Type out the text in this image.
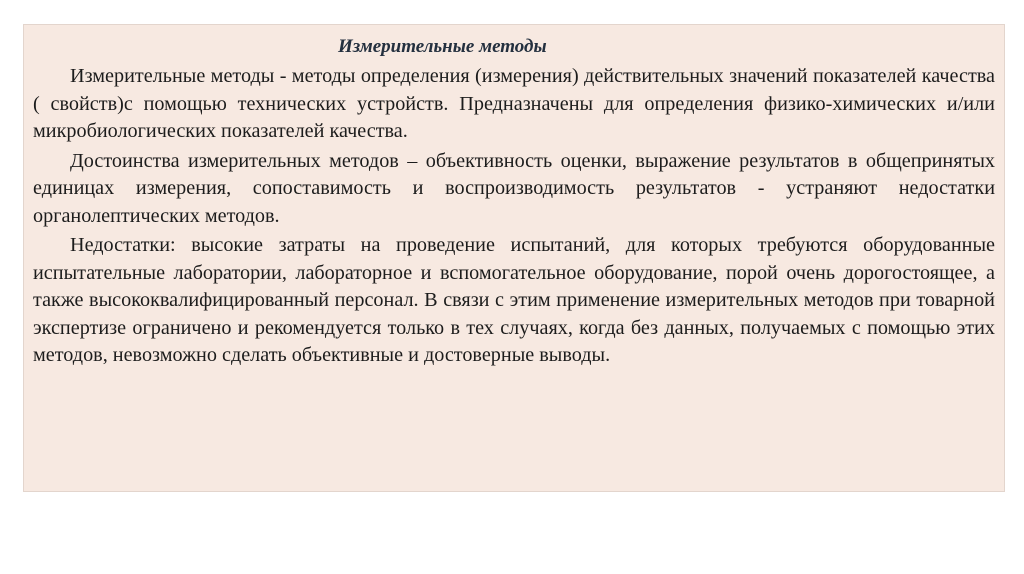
Измерительные методы

Измерительные методы - методы определения (измерения) действительных значений показателей качества ( свойств)с помощью технических устройств. Предназначены для определения физико-химических и/или микробиологических показателей качества.

Достоинства измерительных методов – объективность оценки, выражение результатов в общепринятых единицах измерения, сопоставимость и воспроизводимость результатов - устраняют недостатки органолептических методов.

Недостатки: высокие затраты на проведение испытаний, для которых требуются оборудованные испытательные лаборатории, лабораторное и вспомогательное оборудование, порой очень дорогостоящее, а также высококвалифицированный персонал. В связи с этим применение измерительных методов при товарной экспертизе ограничено и рекомендуется только в тех случаях, когда без данных, получаемых с помощью этих методов, невозможно сделать объективные и достоверные выводы.
